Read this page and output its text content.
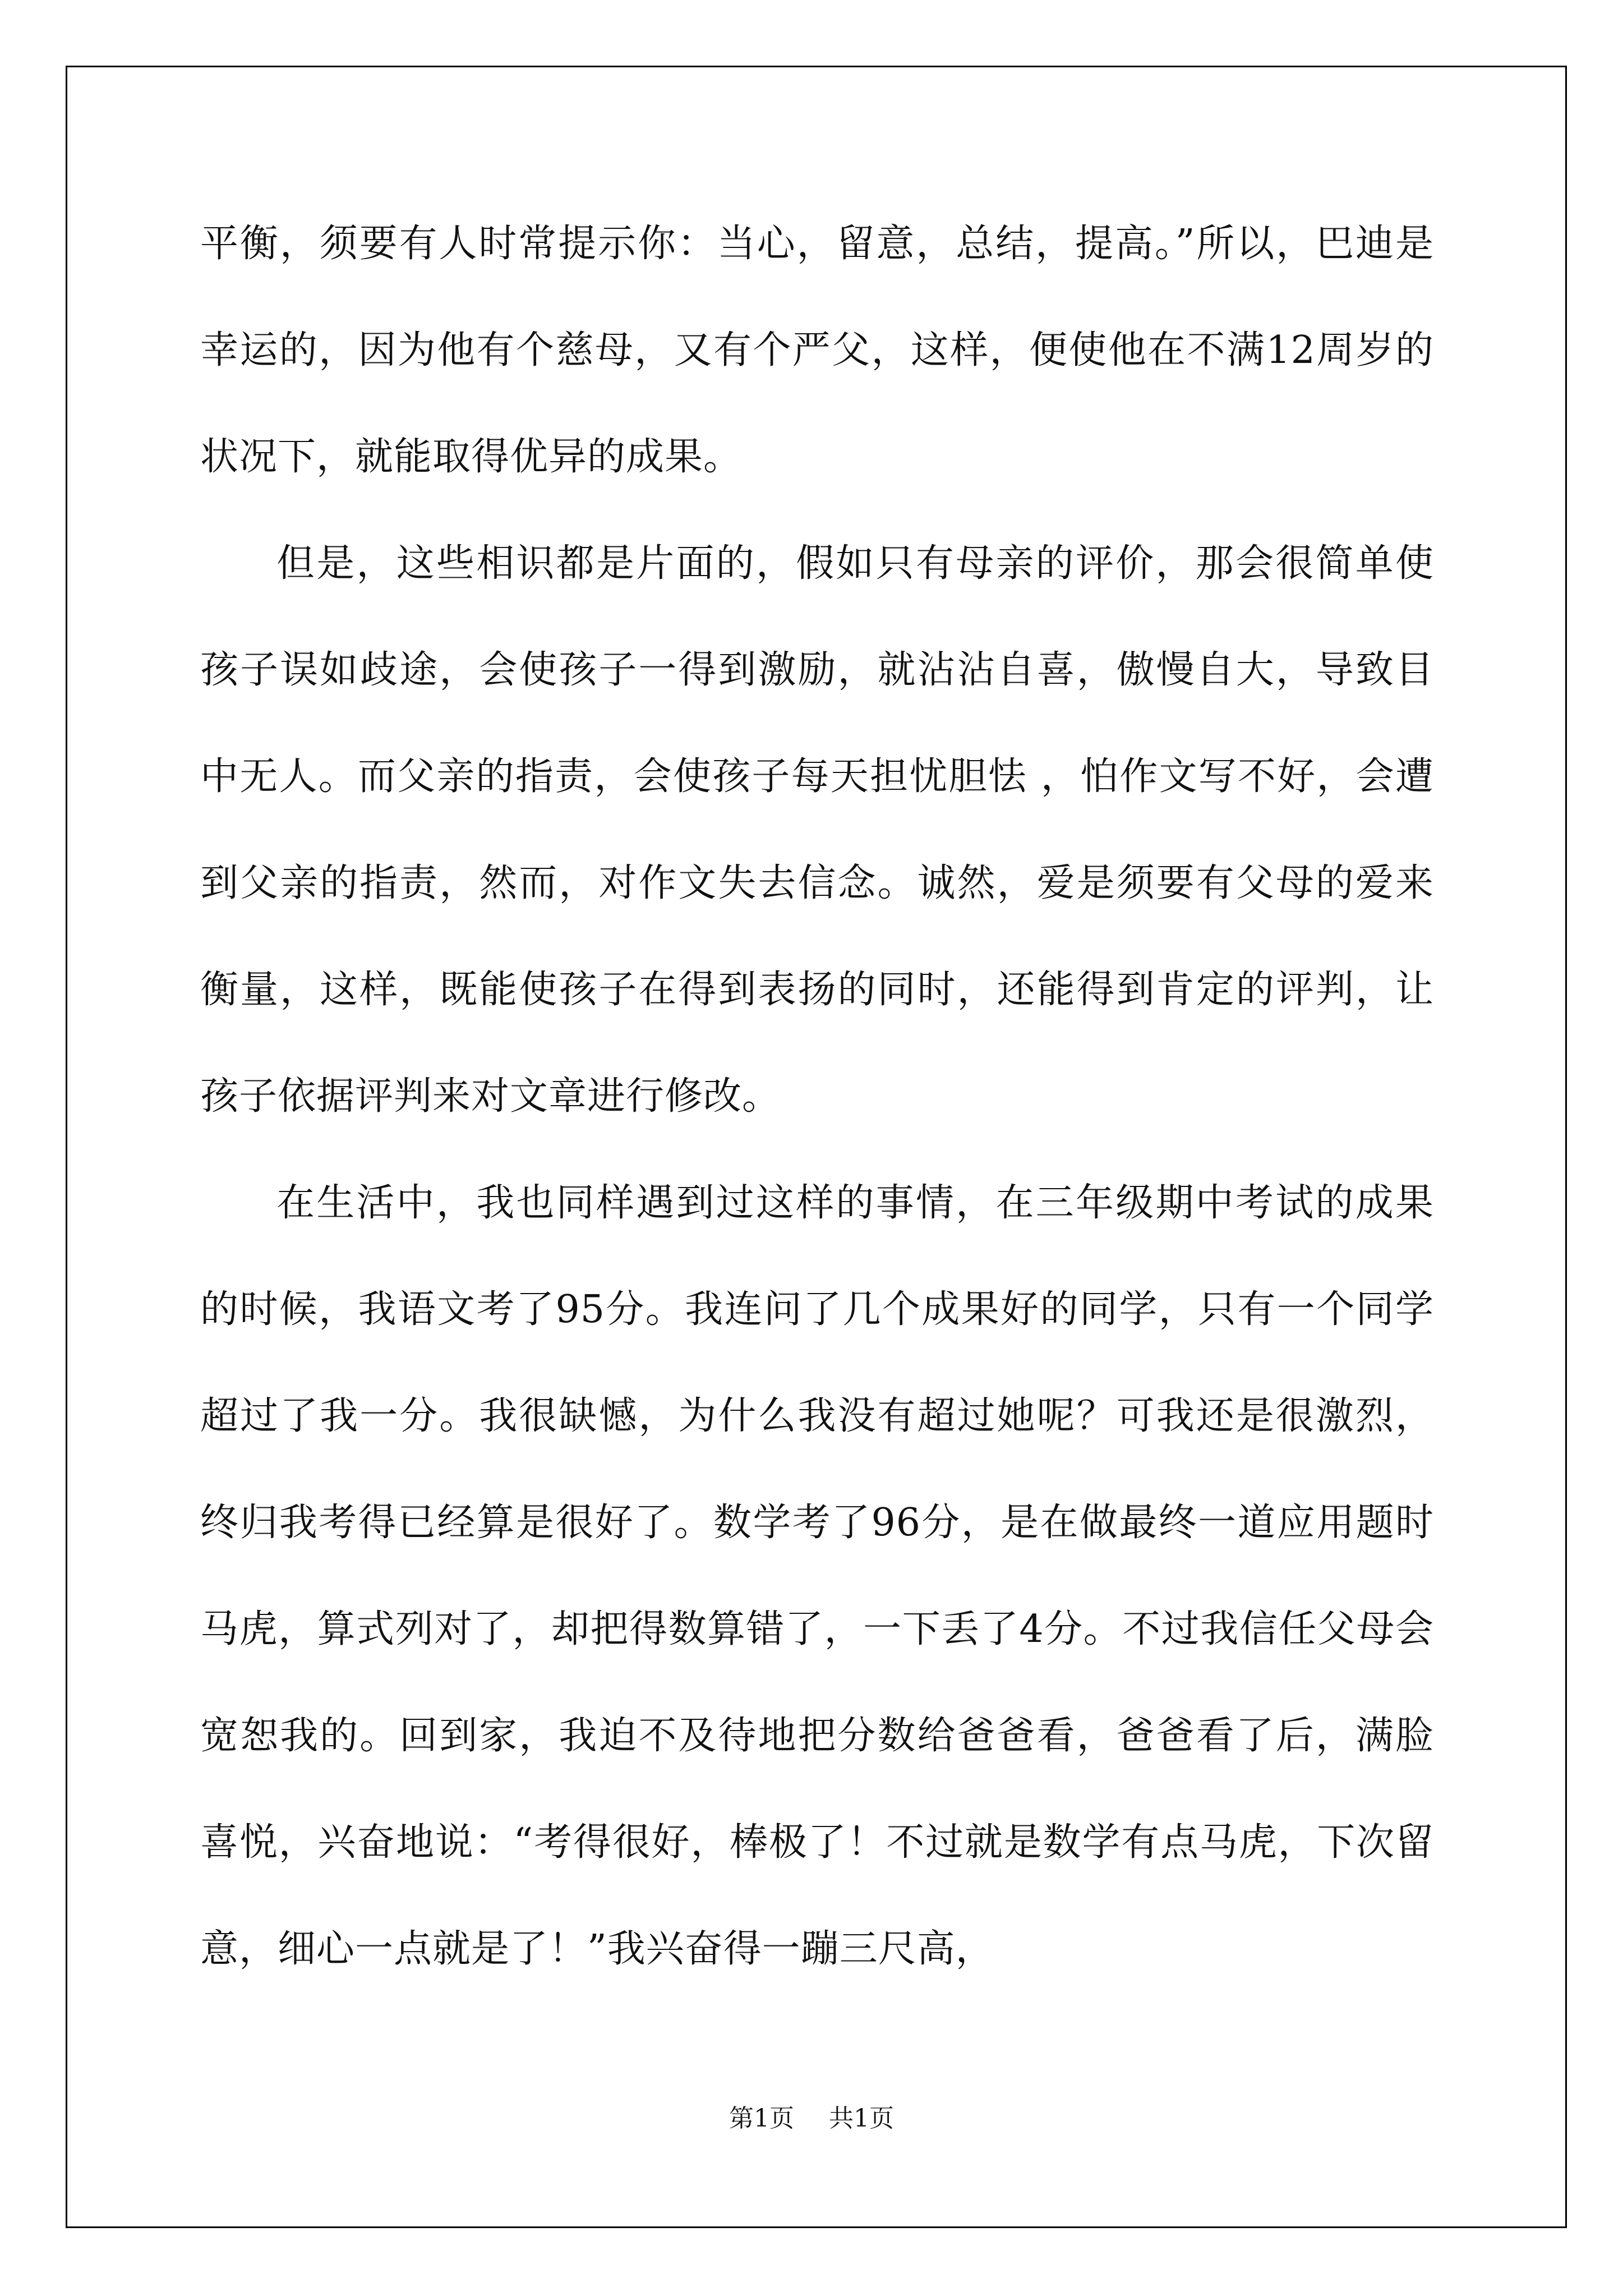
平衡，须要有人时常提示你：当心，留意，总结，提高。”所以，巴迪是幸运的，因为他有个慈母，又有个严父，这样，便使他在不满12周岁的状况下，就能取得优异的成果。

但是，这些相识都是片面的，假如只有母亲的评价，那会很简单使孩子误如歧途，会使孩子一得到激励，就沾沾自喜，傲慢自大，导致目中无人。而父亲的指责，会使孩子每天担忧胆怯 ，怕作文写不好，会遭到父亲的指责，然而，对作文失去信念。诚然，爱是须要有父母的爱来衡量，这样，既能使孩子在得到表扬的同时，还能得到肯定的评判，让孩子依据评判来对文章进行修改。

在生活中，我也同样遇到过这样的事情，在三年级期中考试的成果的时候，我语文考了95分。我连问了几个成果好的同学，只有一个同学超过了我一分。我很缺憾，为什么我没有超过她呢？可我还是很激烈，终归我考得已经算是很好了。数学考了96分，是在做最终一道应用题时马虎，算式列对了，却把得数算错了，一下丢了4分。不过我信任父母会宽恕我的。回到家，我迫不及待地把分数给爸爸看，爸爸看了后，满脸喜悦，兴奋地说：“考得很好，棒极了！不过就是数学有点马虎，下次留意，细心一点就是了！”我兴奋得一蹦三尺高，

第1页 共1页
